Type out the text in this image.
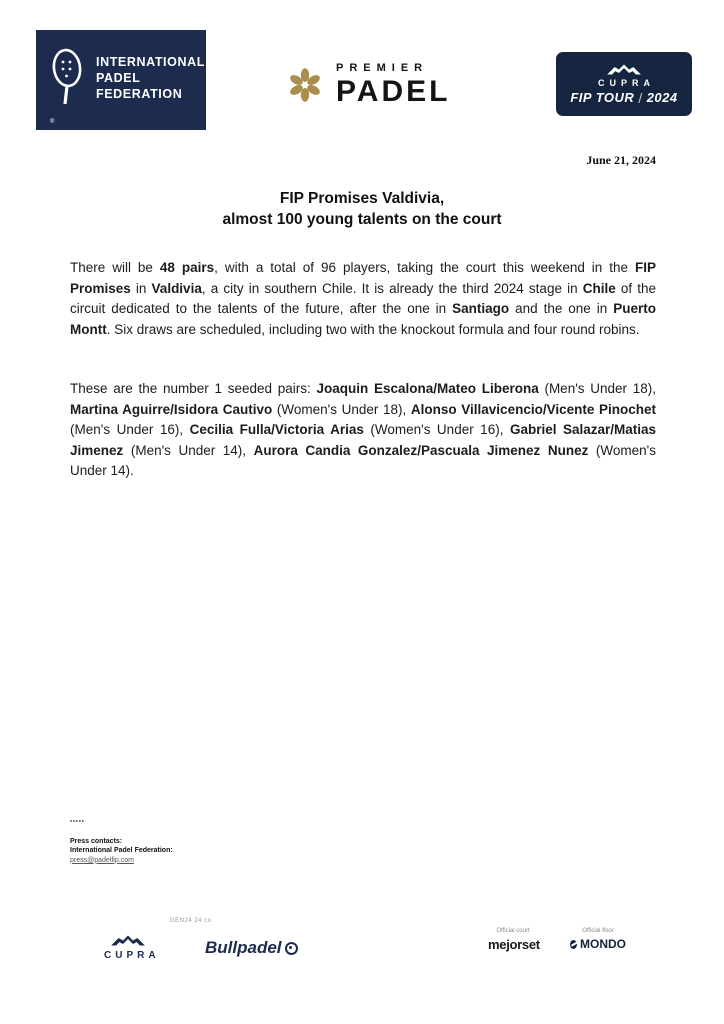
INTERNATIONAL
PADEL
FEDERATION
®
PREMIER
PADEL	CUPRA
FIP TOUR / 2024
June 21, 2024
FIP Promises Valdivia,
almost 100 young talents on the court

There will be 48 pairs, with a total of 96 players, taking the court this weekend in the FIP Promises in Valdivia, a city in southern Chile. It is already the third 2024 stage in Chile of the circuit dedicated to the talents of the future, after the one in Santiago and the one in Puerto Montt. Six draws are scheduled, including two with the knockout formula and four round robins.

These are the number 1 seeded pairs: Joaquin Escalona/Mateo Liberona (Men's Under 18), Martina Aguirre/Isidora Cautivo (Women's Under 18), Alonso Villavicencio/Vicente Pinochet (Men's Under 16), Cecilia Fulla/Victoria Arias (Women's Under 16), Gabriel Salazar/Matias Jimenez (Men's Under 14), Aurora Candia Gonzalez/Pascuala Jimenez Nunez (Women's Under 14).

*****
Press contacts:
International Padel Federation:
press@padelfip.com
GEN24 24 co
CUPRA	Bullpadel
Official court
mejorset
Official floor
MONDO
